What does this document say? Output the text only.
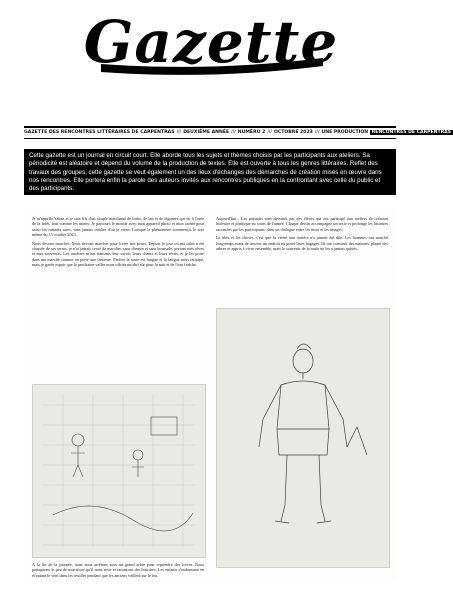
Gazette
GAZETTE DES RENCONTRES LITTÉRAIRES DE CARPENTRAS /// DEUXIÈME ANNÉE /// NUMÉRO 2 /// OCTOBRE 2023 /// UNE PRODUCTION RENCONTRES DE CARPENTRAS

Cette gazette est un journal en circuit court. Elle aborde tous les sujets et thèmes choisis par les participants aux ateliers. Sa périodicité est aléatoire et dépend du volume de la production de textes. Elle est ouverte à tous les genres littéraires. Reflet des travaux des groupes, cette gazette se veut également un des lieux d'échanges des démarches de création mises en œuvre dans nos rencontres. Elle portera enfin la parole des auteurs invités aux rencontres publiques en la confrontant avec celle du public et des participants.

Je m'appelle Yakan et je suis fils d'un simple marchand de fruits, de lait et de légumes qui vit à l'orée de la forêt, tout comme les miens. Je parcours le monde avec mon appareil photo et mon carnet pour saisir les instants rares, sans jamais oublier d'où je viens. Lorsque le phénomène commença, le soir même du 15 octobre 2023...

Nous devons marcher. Nous devons marcher pour livrer nos peurs. Depuis le jour où ma tribu a été chassée de ses terres, je n'ai jamais cessé de marcher, sans chemin et sans boussole, portant mes rêves et mes souvenirs. Les ancêtres m'ont transmis leur savoir, leurs chants et leurs récits, et je les porte dans ma marche comme on porte une lanterne. Parfois la route est longue et la fatigue nous rattrape, mais je garde espoir que la prochaine vallée nous offrira un abri sûr pour la nuit et de l'eau fraîche.

Aujourd'hui... Les portraits sont dessinés par des élèves qui ont participé aux ateliers de création littéraire et plastique au cours de l'année. Chaque dessin accompagne un texte et prolonge les histoires racontées par les participants, dans un dialogue entre les mots et les images.

Le bleu et les choses, c'est que la vérité tout entière n'a jamais été dite. Les hommes ont marché longtemps avant de trouver un endroit où poser leurs bagages. Ils ont construit des maisons, planté des arbres et appris à vivre ensemble, mais le souvenir de la route ne les a jamais quittés.

À la fin de la journée, nous nous arrêtons sous un grand arbre pour reprendre des forces. Nous partageons le peu de nourriture qu'il nous reste et racontons des histoires. Les enfants s'endorment en écoutant le vent dans les feuilles pendant que les anciens veillent sur le feu.
